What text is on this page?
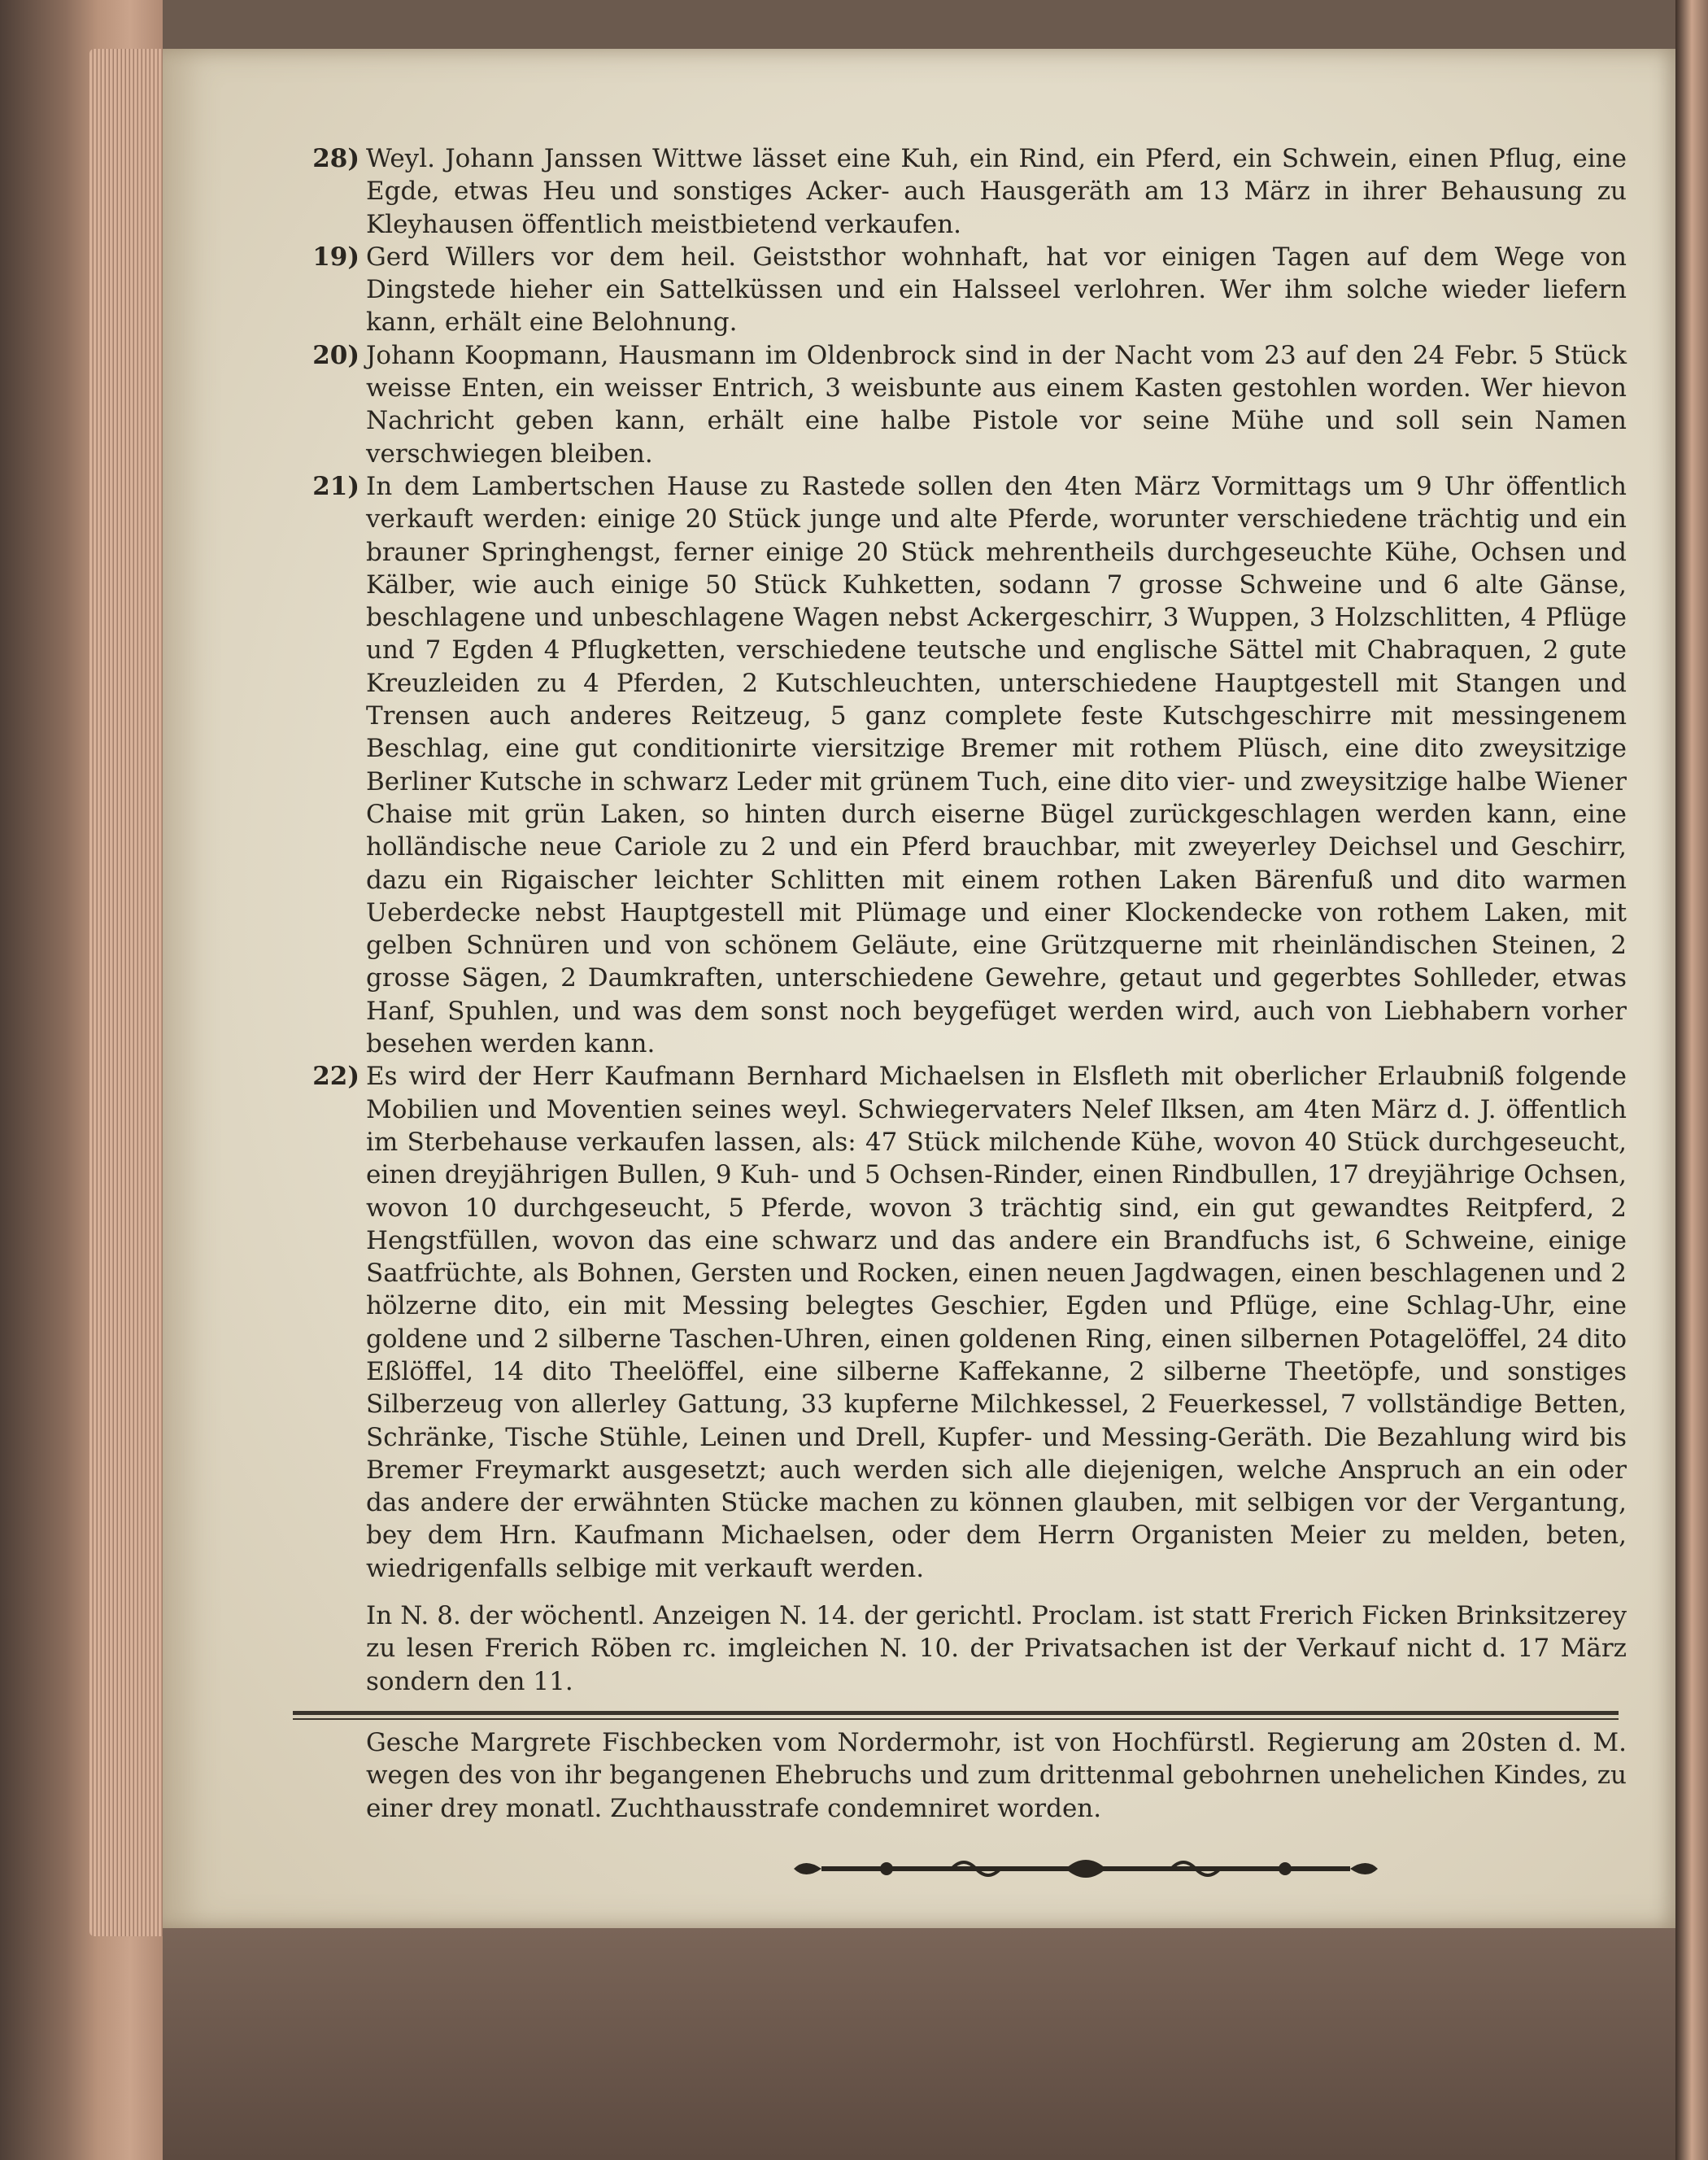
28) Weyl. Johann Janssen Wittwe lässet eine Kuh, ein Rind, ein Pferd, ein Schwein, einen Pflug, eine Egde, etwas Heu und sonstiges Acker- auch Hausgeräth am 13 März in ihrer Behausung zu Kleyhausen öffentlich meistbietend verkaufen.
19) Gerd Willers vor dem heil. Geiststhor wohnhaft, hat vor einigen Tagen auf dem Wege von Dingstede hieher ein Sattelküssen und ein Halsseel verlohren. Wer ihm solche wieder liefern kann, erhält eine Belohnung.
20) Johann Koopmann, Hausmann im Oldenbrock sind in der Nacht vom 23 auf den 24 Febr. 5 Stück weisse Enten, ein weisser Entrich, 3 weisbunte aus einem Kasten gestohlen worden. Wer hievon Nachricht geben kann, erhält eine halbe Pistole vor seine Mühe und soll sein Namen verschwiegen bleiben.
21) In dem Lambertschen Hause zu Rastede sollen den 4ten März Vormittags um 9 Uhr öffentlich verkauft werden: einige 20 Stück junge und alte Pferde, worunter verschiedene trächtig und ein brauner Springhengst, ferner einige 20 Stück mehrentheils durchgeseuchte Kühe, Ochsen und Kälber, wie auch einige 50 Stück Kuhketten, sodann 7 grosse Schweine und 6 alte Gänse, beschlagene und unbeschlagene Wagen nebst Ackergeschirr, 3 Wuppen, 3 Holzschlitten, 4 Pflüge und 7 Egden 4 Pflugketten, verschiedene teutsche und englische Sättel mit Chabraquen, 2 gute Kreuzleiden zu 4 Pferden, 2 Kutschleuchten, unterschiedene Hauptgestell mit Stangen und Trensen auch anderes Reitzeug, 5 ganz complete feste Kutschgeschirre mit messingenem Beschlag, eine gut conditionirte viersitzige Bremer mit rothem Plüsch, eine dito zweysitzige Berliner Kutsche in schwarz Leder mit grünem Tuch, eine dito vier- und zweysitzige halbe Wiener Chaise mit grün Laken, so hinten durch eiserne Bügel zurückgeschlagen werden kann, eine holländische neue Cariole zu 2 und ein Pferd brauchbar, mit zweyerley Deichsel und Geschirr, dazu ein Rigaischer leichter Schlitten mit einem rothen Laken Bärenfuß und dito warmen Ueberdecke nebst Hauptgestell mit Plümage und einer Klockendecke von rothem Laken, mit gelben Schnüren und von schönem Geläute, eine Grützquerne mit rheinländischen Steinen, 2 grosse Sägen, 2 Daumkraften, unterschiedene Gewehre, getaut und gegerbtes Sohlleder, etwas Hanf, Spuhlen, und was dem sonst noch beygefüget werden wird, auch von Liebhabern vorher besehen werden kann.
22) Es wird der Herr Kaufmann Bernhard Michaelsen in Elsfleth mit oberlicher Erlaubniß folgende Mobilien und Moventien seines weyl. Schwiegervaters Nelef Ilksen, am 4ten März d. J. öffentlich im Sterbehause verkaufen lassen, als: 47 Stück milchende Kühe, wovon 40 Stück durchgeseucht, einen dreyjährigen Bullen, 9 Kuh- und 5 Ochsen-Rinder, einen Rindbullen, 17 dreyjährige Ochsen, wovon 10 durchgeseucht, 5 Pferde, wovon 3 trächtig sind, ein gut gewandtes Reitpferd, 2 Hengstfüllen, wovon das eine schwarz und das andere ein Brandfuchs ist, 6 Schweine, einige Saatfrüchte, als Bohnen, Gersten und Rocken, einen neuen Jagdwagen, einen beschlagenen und 2 hölzerne dito, ein mit Messing belegtes Geschier, Egden und Pflüge, eine Schlag-Uhr, eine goldene und 2 silberne Taschen-Uhren, einen goldenen Ring, einen silbernen Potagelöffel, 24 dito Eßlöffel, 14 dito Theelöffel, eine silberne Kaffekanne, 2 silberne Theetöpfe, und sonstiges Silberzeug von allerley Gattung, 33 kupferne Milchkessel, 2 Feuerkessel, 7 vollständige Betten, Schränke, Tische Stühle, Leinen und Drell, Kupfer- und Messing-Geräth. Die Bezahlung wird bis Bremer Freymarkt ausgesetzt; auch werden sich alle diejenigen, welche Anspruch an ein oder das andere der erwähnten Stücke machen zu können glauben, mit selbigen vor der Vergantung, bey dem Hrn. Kaufmann Michaelsen, oder dem Herrn Organisten Meier zu melden, beten, wiedrigenfalls selbige mit verkauft werden.
In N. 8. der wöchentl. Anzeigen N. 14. der gerichtl. Proclam. ist statt Frerich Ficken Brinksitzerey zu lesen Frerich Röben rc. imgleichen N. 10. der Privatsachen ist der Verkauf nicht d. 17 März sondern den 11.
Gesche Margrete Fischbecken vom Nordermohr, ist von Hochfürstl. Regierung am 20sten d. M. wegen des von ihr begangenen Ehebruchs und zum drittenmal gebohrnen unehelichen Kindes, zu einer drey monatl. Zuchthausstrafe condemniret worden.
